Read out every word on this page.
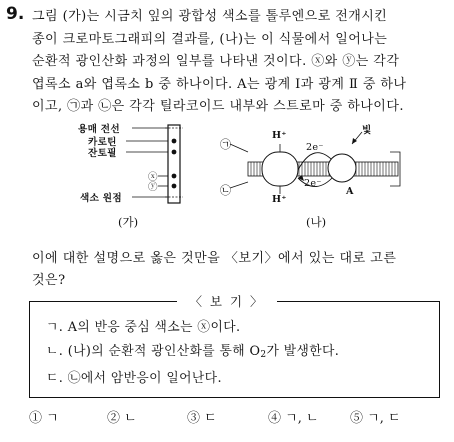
9. 그림 (가)는 시금치 잎의 광합성 색소를 톨루엔으로 전개시킨
종이 크로마토그래피의 결과를, (나)는 이 식물에서 일어나는
순환적 광인산화 과정의 일부를 나타낸 것이다. ⓧ와 ⓨ는 각각
엽록소 a와 엽록소 b 중 하나이다. A는 광계 Ⅰ과 광계 Ⅱ 중 하나
이고, ㉠과 ㉡은 각각 틸라코이드 내부와 스트로마 중 하나이다.
용매 전선
카로틴
잔토필
ⓧ
ⓨ
색소 원점
(가)
㉠
㉡
H⁺
H⁺
빛
2e⁻
2e⁻
A
(나)
이에 대한 설명으로 옳은 것만을 〈보기〉에서 있는 대로 고른
것은?
〈 보 기 〉
ㄱ. A의 반응 중심 색소는 ⓧ이다.
ㄴ. (나)의 순환적 광인산화를 통해 $O_2$가 발생한다.
ㄷ. ㉡에서 암반응이 일어난다.
① ㄱ	② ㄴ	③ ㄷ	④ ㄱ, ㄴ ⑤ ㄱ, ㄷ
